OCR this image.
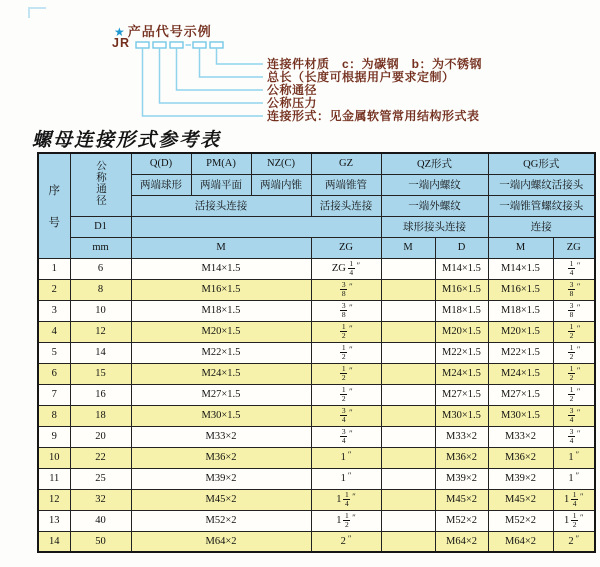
★ 产品代号示例
JR
连接件材质　c：为碳钢　b：为不锈钢
总长（长度可根据用户要求定制）
公称通径
公称压力
连接形式：见金属软管常用结构形式表
螺母连接形式参考表
序
号	公称通径	Q(D)	PM(A)	NZ(C)	GZ	QZ形式		QG形式	
		两端球形	两端平面	两端内锥	两端锥管	一端内螺纹		一端内螺纹活接头	
		活接头连接			活接头连接	一端外螺纹		一端锥管螺纹接头	
	D1					球形接头连接		连接	
	mm	M			ZG	M	D	M	ZG
1	6	M14×1.5			ZG $\frac{1}{4} ''$		M14×1.5	M14×1.5	$\frac{1}{4} ''$
2	8	M16×1.5			$\frac{3}{8} ''$		M16×1.5	M16×1.5	$\frac{3}{8} ''$
3	10	M18×1.5			$\frac{3}{8} ''$		M18×1.5	M18×1.5	$\frac{3}{8} ''$
4	12	M20×1.5			$\frac{1}{2} ''$		M20×1.5	M20×1.5	$\frac{1}{2} ''$
5	14	M22×1.5			$\frac{1}{2} ''$		M22×1.5	M22×1.5	$\frac{1}{2} ''$
6	15	M24×1.5			$\frac{1}{2} ''$		M24×1.5	M24×1.5	$\frac{1}{2} ''$
7	16	M27×1.5			$\frac{1}{2} ''$		M27×1.5	M27×1.5	$\frac{1}{2} ''$
8	18	M30×1.5			$\frac{3}{4} ''$		M30×1.5	M30×1.5	$\frac{3}{4} ''$
9	20	M33×2			$\frac{3}{4} ''$		M33×2	M33×2	$\frac{3}{4} ''$
10	22	M36×2			1 ″		M36×2	M36×2	1 ″
11	25	M39×2			1 ″		M39×2	M39×2	1 ″
12	32	M45×2			$1 \frac{1}{4} ''$		M45×2	M45×2	$1 \frac{1}{4} ''$
13	40	M52×2			$1 \frac{1}{2} ''$		M52×2	M52×2	$1 \frac{1}{2} ''$
14	50	M64×2			2 ″		M64×2	M64×2	2 ″
